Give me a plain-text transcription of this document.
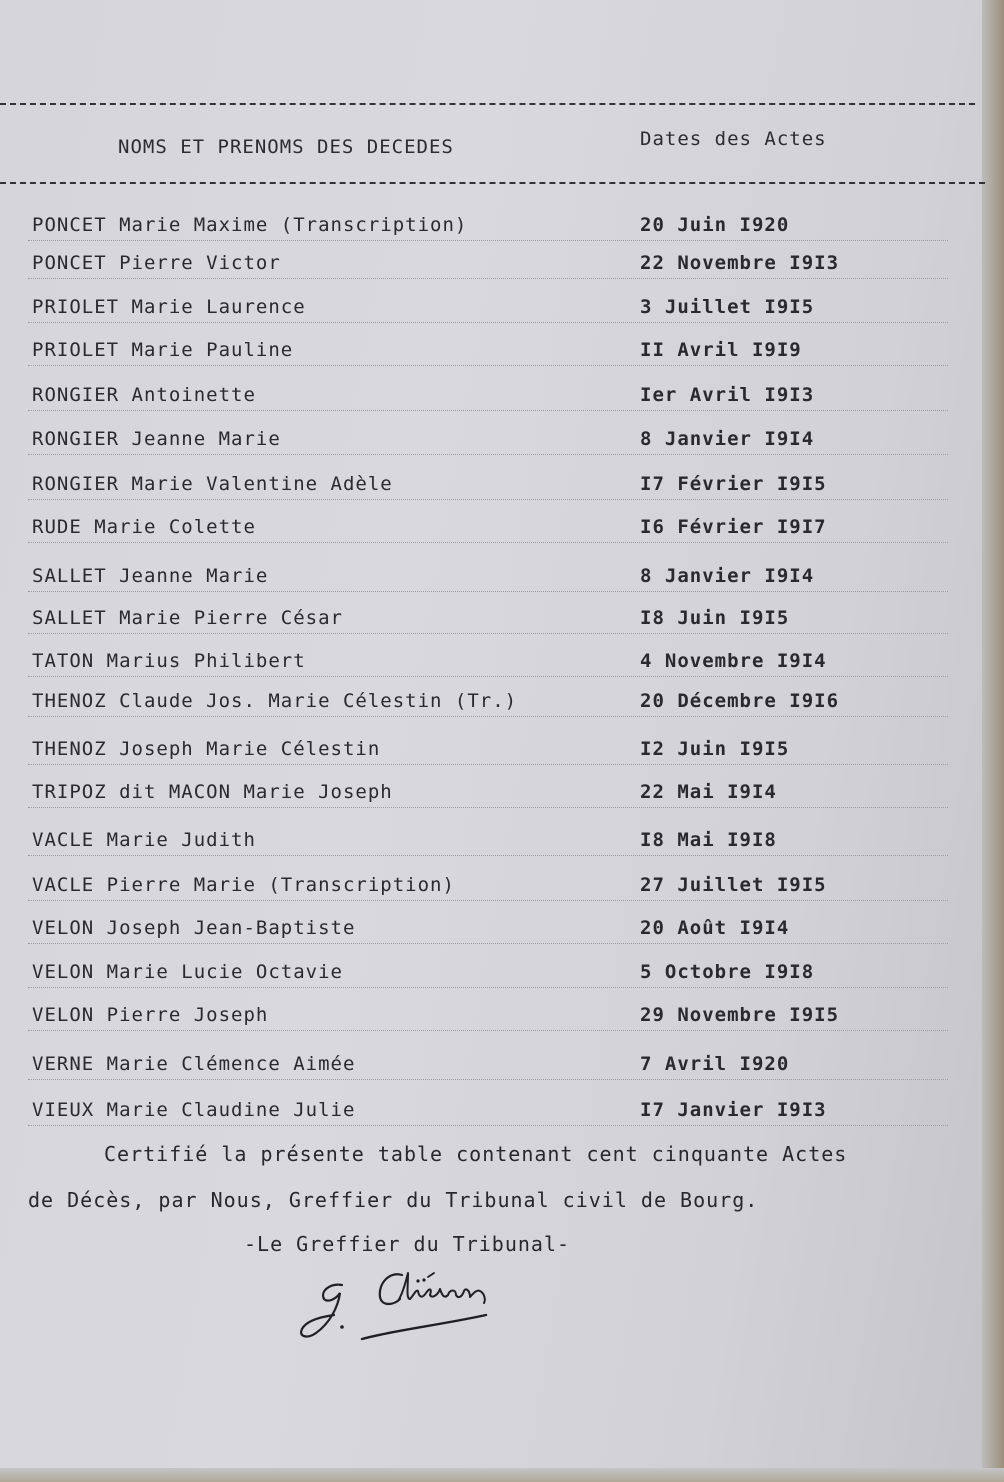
NOMS ET PRENOMS DES DECEDES	Dates des Actes
PONCET Marie Maxime (Transcription)	20 Juin I920
PONCET Pierre Victor	22 Novembre I9I3
PRIOLET Marie Laurence	3 Juillet I9I5
PRIOLET Marie Pauline	II Avril I9I9
RONGIER Antoinette	Ier Avril I9I3
RONGIER Jeanne Marie	8 Janvier I9I4
RONGIER Marie Valentine Adèle	I7 Février I9I5
RUDE Marie Colette	I6 Février I9I7
SALLET Jeanne Marie	8 Janvier I9I4
SALLET Marie Pierre César	I8 Juin I9I5
TATON Marius Philibert	4 Novembre I9I4
THENOZ Claude Jos. Marie Célestin (Tr.)	20 Décembre I9I6
THENOZ Joseph Marie Célestin	I2 Juin I9I5
TRIPOZ dit MACON Marie Joseph	22 Mai I9I4
VACLE Marie Judith	I8 Mai I9I8
VACLE Pierre Marie (Transcription)	27 Juillet I9I5
VELON Joseph Jean-Baptiste	20 Août I9I4
VELON Marie Lucie Octavie	5 Octobre I9I8
VELON Pierre Joseph	29 Novembre I9I5
VERNE Marie Clémence Aimée	7 Avril I920
VIEUX Marie Claudine Julie	I7 Janvier I9I3
Certifié la présente table contenant cent cinquante Actes
de Décès, par Nous, Greffier du Tribunal civil de Bourg.
-Le Greffier du Tribunal-
